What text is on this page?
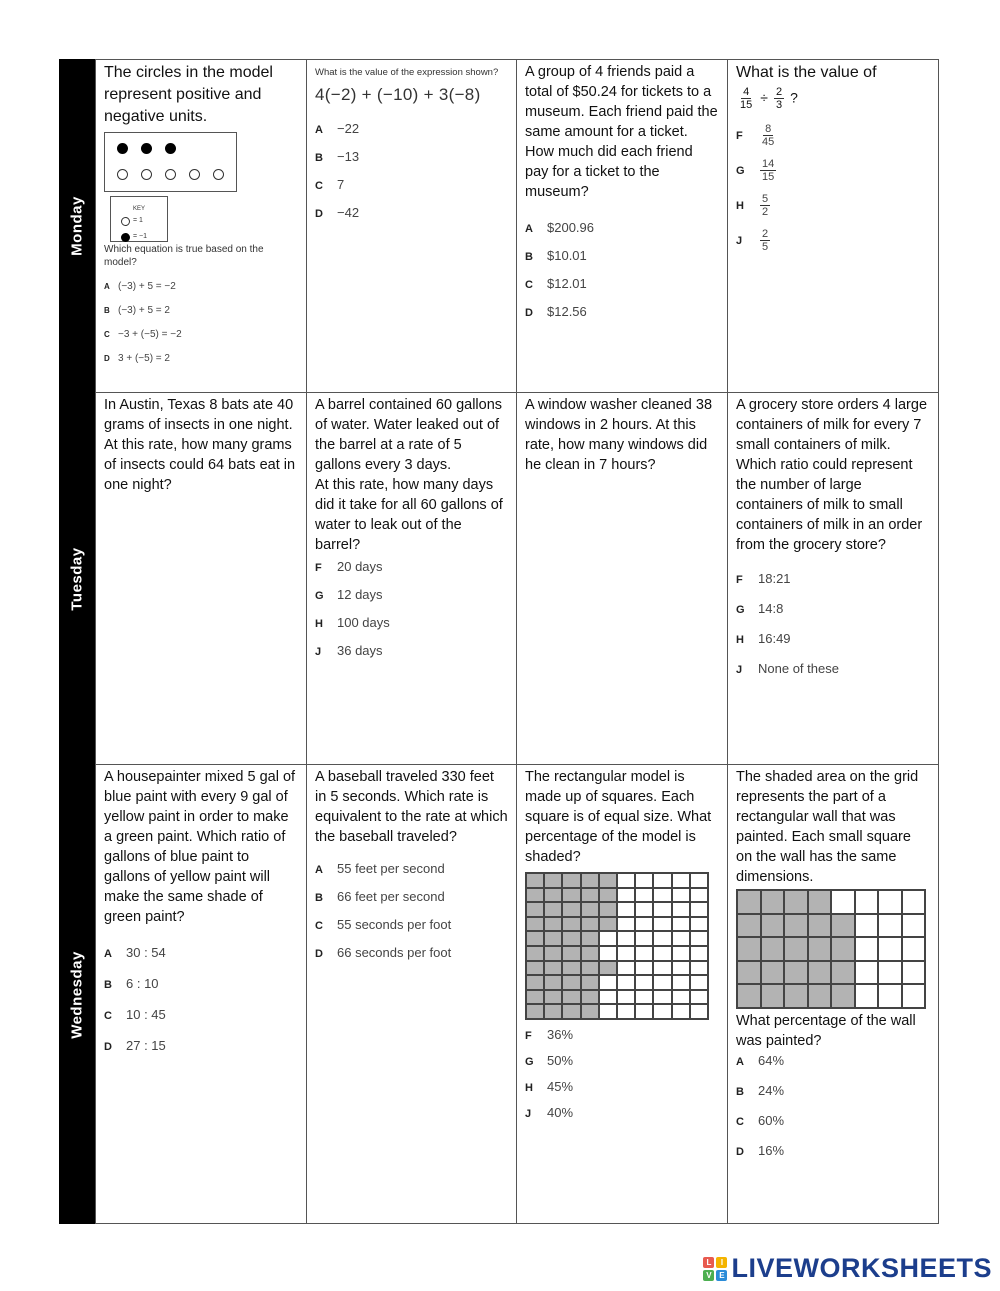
Monday
Tuesday
Wednesday
The circles in the model represent positive and negative units.

KEY
= 1
= −1
Which equation is true based on the model?
A (−3) + 5 = −2
B (−3) + 5 = 2
C −3 + (−5) = −2
D 3 + (−5) = 2
What is the value of the expression shown?
4(−2) + (−10) + 3(−8)
A −22
B −13
C 7
D −42
A group of 4 friends paid a total of $50.24 for tickets to a museum. Each friend paid the same amount for a ticket.
How much did each friend pay for a ticket to the museum?
A $200.96
B $10.01
C $12.01
D $12.56
What is the value of
$\frac{4}{15} \div \frac{2}{3}$ ?
F $\frac{8}{45}$
G $\frac{14}{15}$
H $\frac{5}{2}$
J $\frac{2}{5}$
In Austin, Texas 8 bats ate 40 grams of insects in one night. At this rate, how many grams of insects could 64 bats eat in one night?
A barrel contained 60 gallons of water. Water leaked out of the barrel at a rate of 5 gallons every 3 days.
At this rate, how many days did it take for all 60 gallons of water to leak out of the barrel?
F 20 days
G 12 days
H 100 days
J 36 days
A window washer cleaned 38 windows in 2 hours. At this rate, how many windows did he clean in 7 hours?
A grocery store orders 4 large containers of milk for every 7 small containers of milk. Which ratio could represent the number of large containers of milk to small containers of milk in an order from the grocery store?
F 18:21
G 14:8
H 16:49
J None of these
A housepainter mixed 5 gal of blue paint with every 9 gal of yellow paint in order to make a green paint. Which ratio of gallons of blue paint to gallons of yellow paint will make the same shade of green paint?
A 30 : 54
B 6 : 10
C 10 : 45
D 27 : 15
A baseball traveled 330 feet in 5 seconds. Which rate is equivalent to the rate at which the baseball traveled?
A 55 feet per second
B 66 feet per second
C 55 seconds per foot
D 66 seconds per foot
The rectangular model is made up of squares. Each square is of equal size. What percentage of the model is shaded?
F 36%
G 50%
H 45%
J 40%
The shaded area on the grid represents the part of a rectangular wall that was painted. Each small square on the wall has the same dimensions.
What percentage of the wall was painted?
A 64%
B 24%
C 60%
D 16%
L	I
V E LIVEWORKSHEETS
